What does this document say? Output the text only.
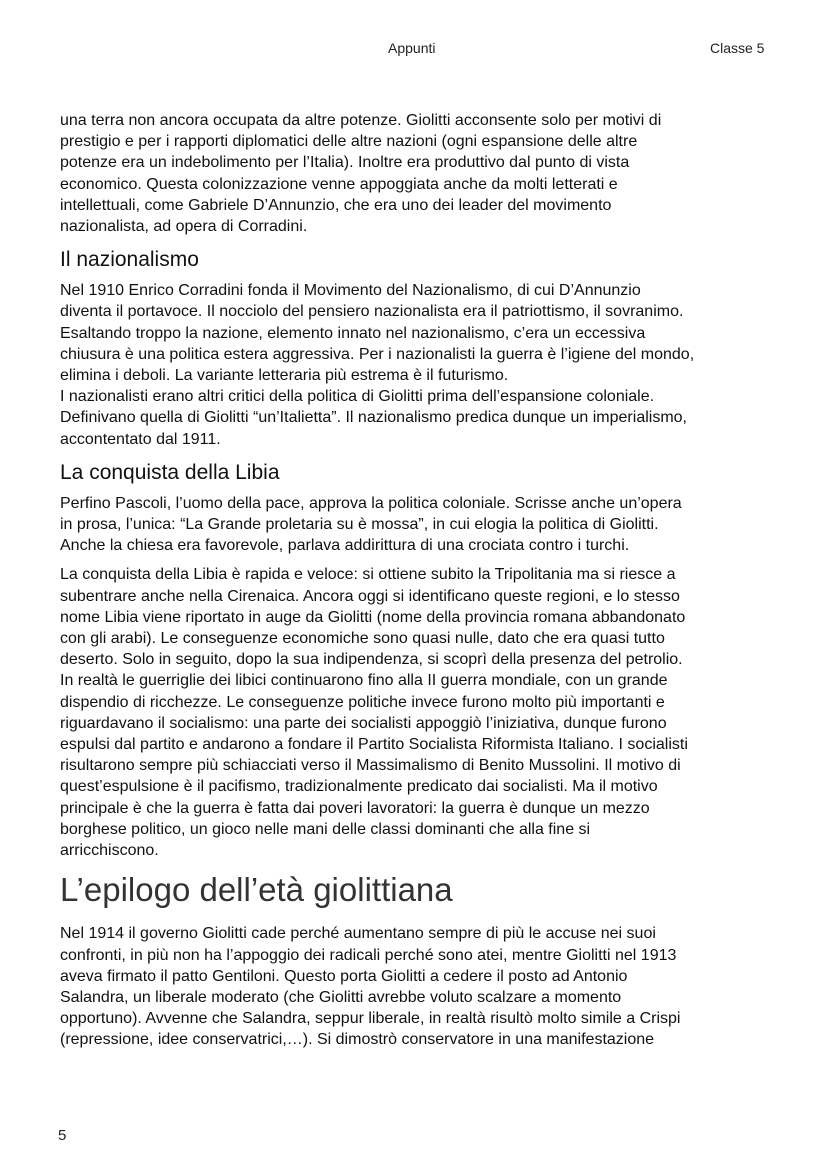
Appunti	Classe 5

una terra non ancora occupata da altre potenze. Giolitti acconsente solo per motivi di
prestigio e per i rapporti diplomatici delle altre nazioni (ogni espansione delle altre
potenze era un indebolimento per l’Italia). Inoltre era produttivo dal punto di vista
economico. Questa colonizzazione venne appoggiata anche da molti letterati e
intellettuali, come Gabriele D’Annunzio, che era uno dei leader del movimento
nazionalista, ad opera di Corradini.

Il nazionalismo

Nel 1910 Enrico Corradini fonda il Movimento del Nazionalismo, di cui D’Annunzio
diventa il portavoce. Il nocciolo del pensiero nazionalista era il patriottismo, il sovranimo.
Esaltando troppo la nazione, elemento innato nel nazionalismo, c’era un eccessiva
chiusura è una politica estera aggressiva. Per i nazionalisti la guerra è l’igiene del mondo,
elimina i deboli. La variante letteraria più estrema è il futurismo.
I nazionalisti erano altri critici della politica di Giolitti prima dell’espansione coloniale.
Definivano quella di Giolitti “un’Italietta”. Il nazionalismo predica dunque un imperialismo,
accontentato dal 1911.

La conquista della Libia

Perfino Pascoli, l’uomo della pace, approva la politica coloniale. Scrisse anche un’opera
in prosa, l’unica: “La Grande proletaria su è mossa”, in cui elogia la politica di Giolitti.
Anche la chiesa era favorevole, parlava addirittura di una crociata contro i turchi.

La conquista della Libia è rapida e veloce: si ottiene subito la Tripolitania ma si riesce a
subentrare anche nella Cirenaica. Ancora oggi si identificano queste regioni, e lo stesso
nome Libia viene riportato in auge da Giolitti (nome della provincia romana abbandonato
con gli arabi). Le conseguenze economiche sono quasi nulle, dato che era quasi tutto
deserto. Solo in seguito, dopo la sua indipendenza, si scoprì della presenza del petrolio.
In realtà le guerriglie dei libici continuarono fino alla II guerra mondiale, con un grande
dispendio di ricchezze. Le conseguenze politiche invece furono molto più importanti e
riguardavano il socialismo: una parte dei socialisti appoggiò l’iniziativa, dunque furono
espulsi dal partito e andarono a fondare il Partito Socialista Riformista Italiano. I socialisti
risultarono sempre più schiacciati verso il Massimalismo di Benito Mussolini. Il motivo di
quest’espulsione è il pacifismo, tradizionalmente predicato dai socialisti. Ma il motivo
principale è che la guerra è fatta dai poveri lavoratori: la guerra è dunque un mezzo
borghese politico, un gioco nelle mani delle classi dominanti che alla fine si
arricchiscono.

L’epilogo dell’età giolittiana

Nel 1914 il governo Giolitti cade perché aumentano sempre di più le accuse nei suoi
confronti, in più non ha l’appoggio dei radicali perché sono atei, mentre Giolitti nel 1913
aveva firmato il patto Gentiloni. Questo porta Giolitti a cedere il posto ad Antonio
Salandra, un liberale moderato (che Giolitti avrebbe voluto scalzare a momento
opportuno). Avvenne che Salandra, seppur liberale, in realtà risultò molto simile a Crispi
(repressione, idee conservatrici,…). Si dimostrò conservatore in una manifestazione

5
